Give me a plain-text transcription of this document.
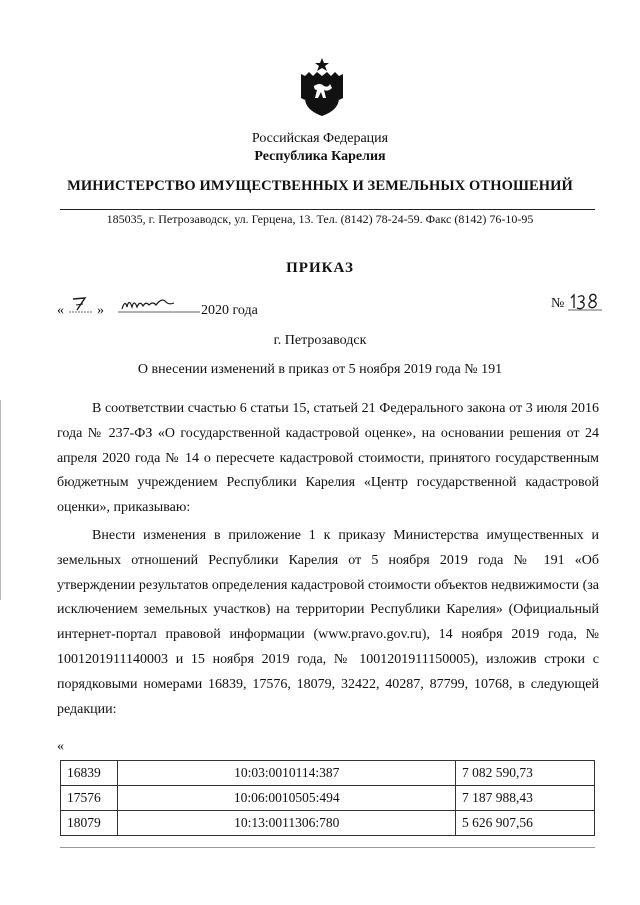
Российская Федерация
Республика Карелия
МИНИСТЕРСТВО ИМУЩЕСТВЕННЫХ И ЗЕМЕЛЬНЫХ ОТНОШЕНИЙ
185035, г. Петрозаводск, ул. Герцена, 13. Тел. (8142) 78-24-59. Факс (8142) 76-10-95
ПРИКАЗ
« »	2020 года	№
г. Петрозаводск
О внесении изменений в приказ от 5 ноября 2019 года № 191

В соответствии счастью 6 статьи 15, статьей 21 Федерального закона от 3 июля 2016 года № 237-ФЗ «О государственной кадастровой оценке», на основании решения от 24 апреля 2020 года № 14 о пересчете кадастровой стоимости, принятого государственным бюджетным учреждением Республики Карелия «Центр государственной кадастровой оценки», приказываю:

Внести изменения в приложение 1 к приказу Министерства имущественных и земельных отношений Республики Карелия от 5 ноября 2019 года № 191 «Об утверждении результатов определения кадастровой стоимости объектов недвижимости (за исключением земельных участков) на территории Республики Карелия» (Официальный интернет-портал правовой информации (www.pravo.gov.ru), 14 ноября 2019 года, № 1001201911140003 и 15 ноября 2019 года, № 1001201911150005), изложив строки с порядковыми номерами 16839, 17576, 18079, 32422, 40287, 87799, 10768, в следующей редакции:

«
16839	10:03:0010114:387	7 082 590,73
17576	10:06:0010505:494	7 187 988,43
18079	10:13:0011306:780	5 626 907,56
